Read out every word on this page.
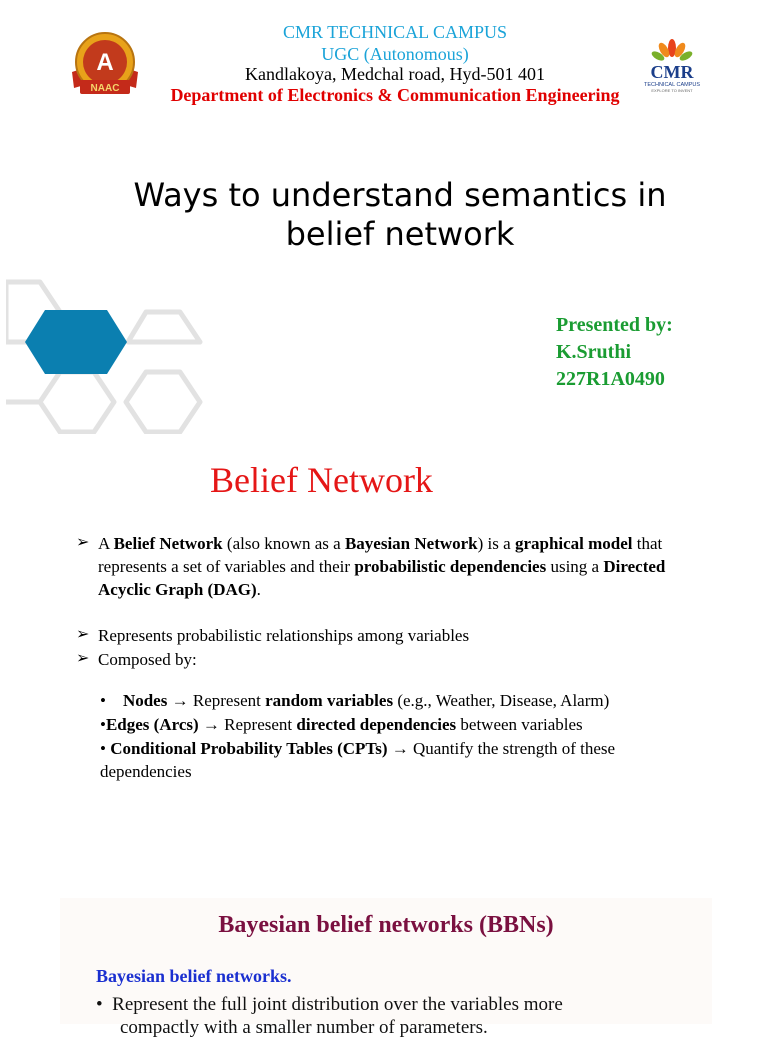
A
NAAC
CMR TECHNICAL CAMPUS
UGC (Autonomous)
Kandlakoya, Medchal road, Hyd-501 401
Department of Electronics & Communication Engineering
CMR
TECHNICAL CAMPUS
EXPLORE TO INVENT
Ways to understand semantics in belief network
Presented by:
K.Sruthi
227R1A0490
Belief Network
➢ A Belief Network (also known as a Bayesian Network) is a graphical model that represents a set of variables and their probabilistic dependencies using a Directed Acyclic Graph (DAG).
➢ Represents probabilistic relationships among variables
➢ Composed by:
• Nodes → Represent random variables (e.g., Weather, Disease, Alarm)
•Edges (Arcs) → Represent directed dependencies between variables
• Conditional Probability Tables (CPTs) → Quantify the strength of these dependencies
Bayesian belief networks (BBNs)
Bayesian belief networks.
• Represent the full joint distribution over the variables more
compactly with a smaller number of parameters.
